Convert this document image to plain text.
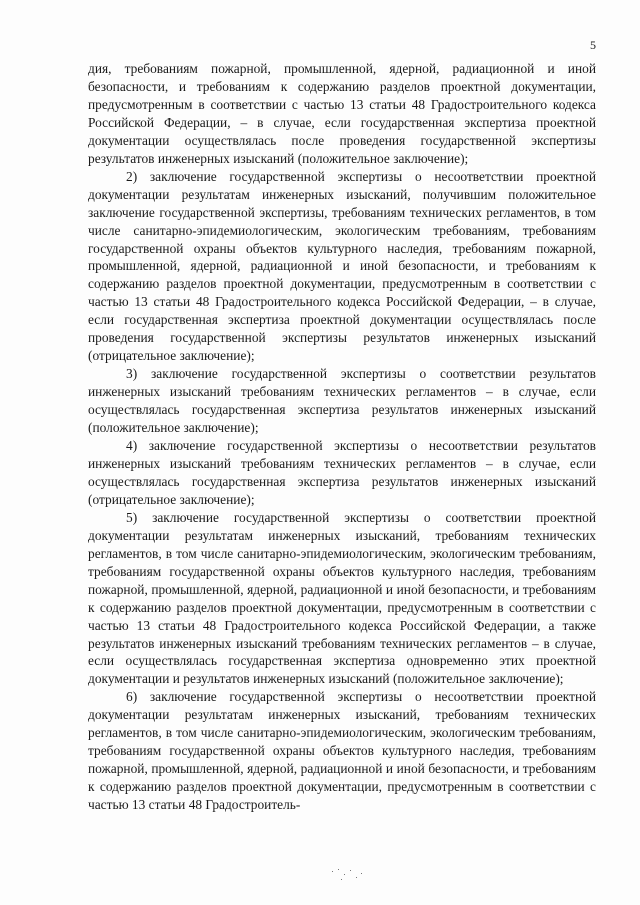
5

дия, требованиям пожарной, промышленной, ядерной, радиационной и иной безопасности, и требованиям к содержанию разделов проектной документации, предусмотренным в соответствии с частью 13 статьи 48 Градостроительного кодекса Российской Федерации, – в случае, если государственная экспертиза проектной документации осуществлялась после проведения государственной экспертизы результатов инженерных изысканий (положительное заключение);

2) заключение государственной экспертизы о несоответствии проектной документации результатам инженерных изысканий, получившим положительное заключение государственной экспертизы, требованиям технических регламентов, в том числе санитарно-эпидемиологическим, экологическим требованиям, требованиям государственной охраны объектов культурного наследия, требованиям пожарной, промышленной, ядерной, радиационной и иной безопасности, и требованиям к содержанию разделов проектной документации, предусмотренным в соответствии с частью 13 статьи 48 Градостроительного кодекса Российской Федерации, – в случае, если государственная экспертиза проектной документации осуществлялась после проведения государственной экспертизы результатов инженерных изысканий (отрицательное заключение);

3) заключение государственной экспертизы о соответствии результатов инженерных изысканий требованиям технических регламентов – в случае, если осуществлялась государственная экспертиза результатов инженерных изысканий (положительное заключение);

4) заключение государственной экспертизы о несоответствии результатов инженерных изысканий требованиям технических регламентов – в случае, если осуществлялась государственная экспертиза результатов инженерных изысканий (отрицательное заключение);

5) заключение государственной экспертизы о соответствии проектной документации результатам инженерных изысканий, требованиям технических регламентов, в том числе санитарно-эпидемиологическим, экологическим требованиям, требованиям государственной охраны объектов культурного наследия, требованиям пожарной, промышленной, ядерной, радиационной и иной безопасности, и требованиям к содержанию разделов проектной документации, предусмотренным в соответствии с частью 13 статьи 48 Градостроительного кодекса Российской Федерации, а также результатов инженерных изысканий требованиям технических регламентов – в случае, если осуществлялась государственная экспертиза одновременно этих проектной документации и результатов инженерных изысканий (положительное заключение);

6) заключение государственной экспертизы о несоответствии проектной документации результатам инженерных изысканий, требованиям технических регламентов, в том числе санитарно-эпидемиологическим, экологическим требованиям, требованиям государственной охраны объектов культурного наследия, требованиям пожарной, промышленной, ядерной, радиационной и иной безопасности, и требованиям к содержанию разделов проектной документации, предусмотренным в соответствии с частью 13 статьи 48 Градостроитель-
